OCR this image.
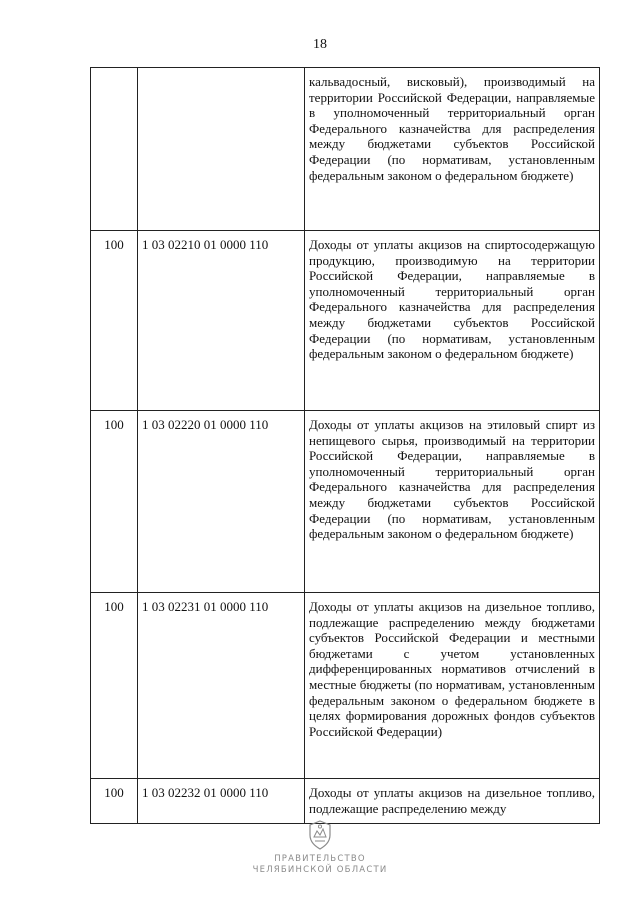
18

		кальвадосный, висковый), производимый на территории Российской Федерации, направляемые в уполномоченный территориальный орган Федерального казначейства для распределения между бюджетами субъектов Российской Федерации (по нормативам, установленным федеральным законом о федеральном бюджете)

100	1 03 02210 01 0000 110	Доходы от уплаты акцизов на спиртосодержащую продукцию, производимую на территории Российской Федерации, направляемые в уполномоченный территориальный орган Федерального казначейства для распределения между бюджетами субъектов Российской Федерации (по нормативам, установленным федеральным законом о федеральном бюджете)

100	1 03 02220 01 0000 110	Доходы от уплаты акцизов на этиловый спирт из непищевого сырья, производимый на территории Российской Федерации, направляемые в уполномоченный территориальный орган Федерального казначейства для распределения между бюджетами субъектов Российской Федерации (по нормативам, установленным федеральным законом о федеральном бюджете)

100	1 03 02231 01 0000 110	Доходы от уплаты акцизов на дизельное топливо, подлежащие распределению между бюджетами субъектов Российской Федерации и местными бюджетами с учетом установленных дифференцированных нормативов отчислений в местные бюджеты (по нормативам, установленным федеральным законом о федеральном бюджете в целях формирования дорожных фондов субъектов Российской Федерации)

100	1 03 02232 01 0000 110	Доходы от уплаты акцизов на дизельное топливо, подлежащие распределению между
ПРАВИТЕЛЬСТВО
ЧЕЛЯБИНСКОЙ ОБЛАСТИ
